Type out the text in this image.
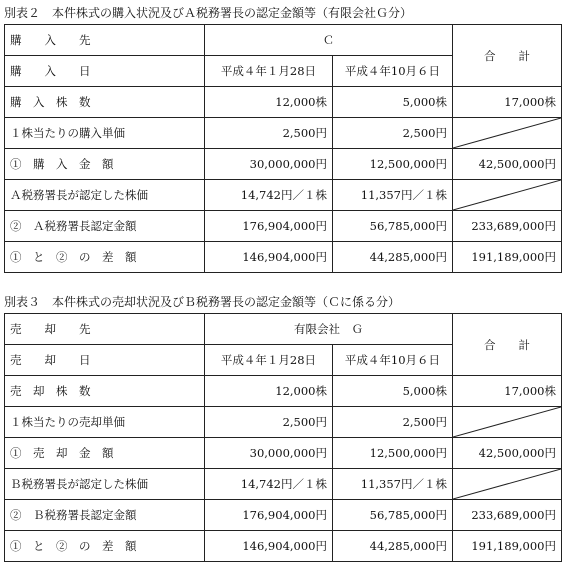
別表２　本件株式の購入状況及びＡ税務署長の認定金額等（有限会社Ｇ分）
購　　入　　先	Ｃ		合　　計
購　　入　　日	平成４年１月28日	平成４年10月６日	
購　入　株　数	12,000株	5,000株	17,000株
１株当たりの購入単価	2,500円	2,500円	

①　購　入　金　額	30,000,000円	12,500,000円	42,500,000円
Ａ税務署長が認定した株価	14,742円／１株	11,357円／１株	

②　Ａ税務署長認定金額	176,904,000円	56,785,000円	233,689,000円
①　と　②　の　差　額	146,904,000円	44,285,000円	191,189,000円
別表３　本件株式の売却状況及びＢ税務署長の認定金額等（Ｃに係る分）
売　　却　　先	有限会社　Ｇ		合　　計
売　　却　　日	平成４年１月28日	平成４年10月６日	
売　却　株　数	12,000株	5,000株	17,000株
１株当たりの売却単価	2,500円	2,500円	

①　売　却　金　額	30,000,000円	12,500,000円	42,500,000円
Ｂ税務署長が認定した株価	14,742円／１株	11,357円／１株	

②　Ｂ税務署長認定金額	176,904,000円	56,785,000円	233,689,000円
①　と　②　の　差　額	146,904,000円	44,285,000円	191,189,000円
